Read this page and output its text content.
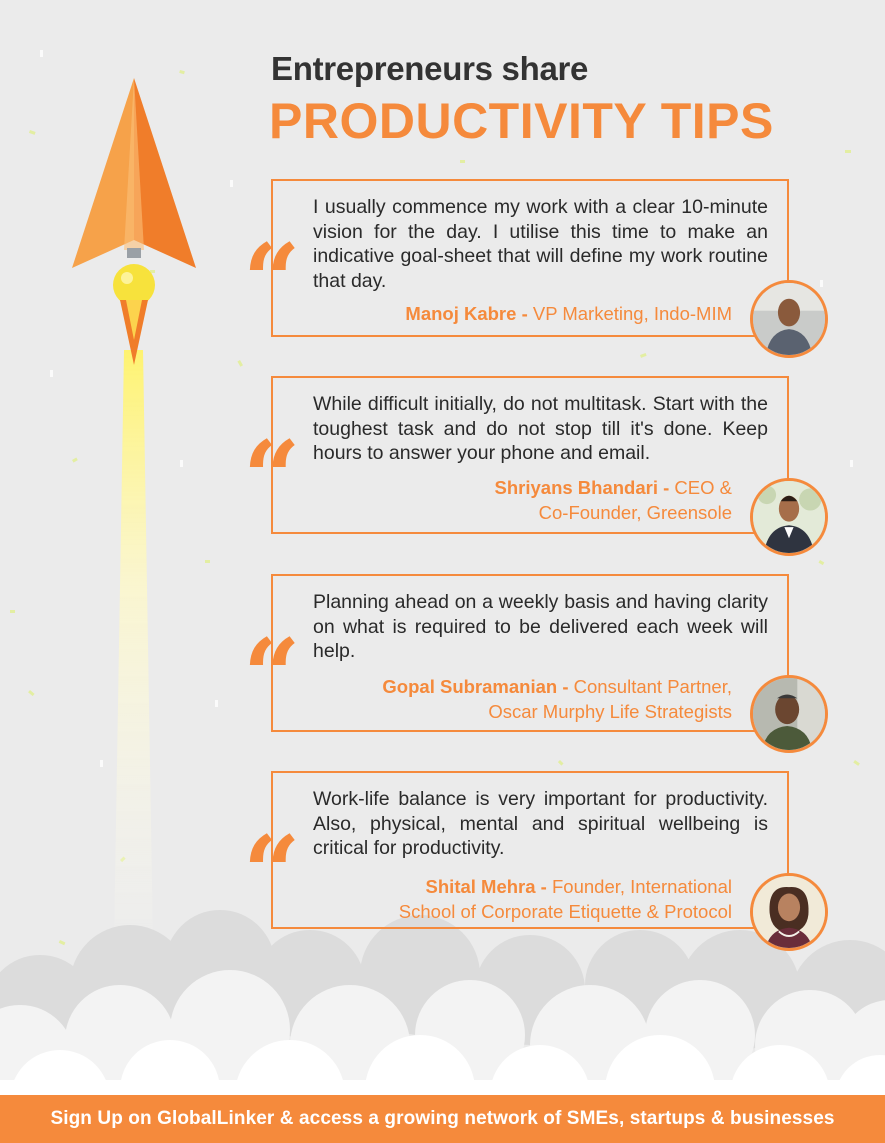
Entrepreneurs share
PRODUCTIVITY TIPS
“
I usually commence my work with a clear 10-minute vision for the day. I utilise this time to make an indicative goal-sheet that will define my work routine that day.
Manoj Kabre - VP Marketing, Indo-MIM
“
While difficult initially, do not multitask. Start with the toughest task and do not stop till it's done. Keep hours to answer your phone and email.
Shriyans Bhandari - CEO &
Co-Founder, Greensole
“
Planning ahead on a weekly basis and having clarity on what is required to be delivered each week will help.
Gopal Subramanian - Consultant Partner,
Oscar Murphy Life Strategists
“
Work-life balance is very important for productivity. Also, physical, mental and spiritual wellbeing is critical for productivity.
Shital Mehra - Founder, International
School of Corporate Etiquette & Protocol
Sign Up on GlobalLinker & access a growing network of SMEs, startups & businesses
